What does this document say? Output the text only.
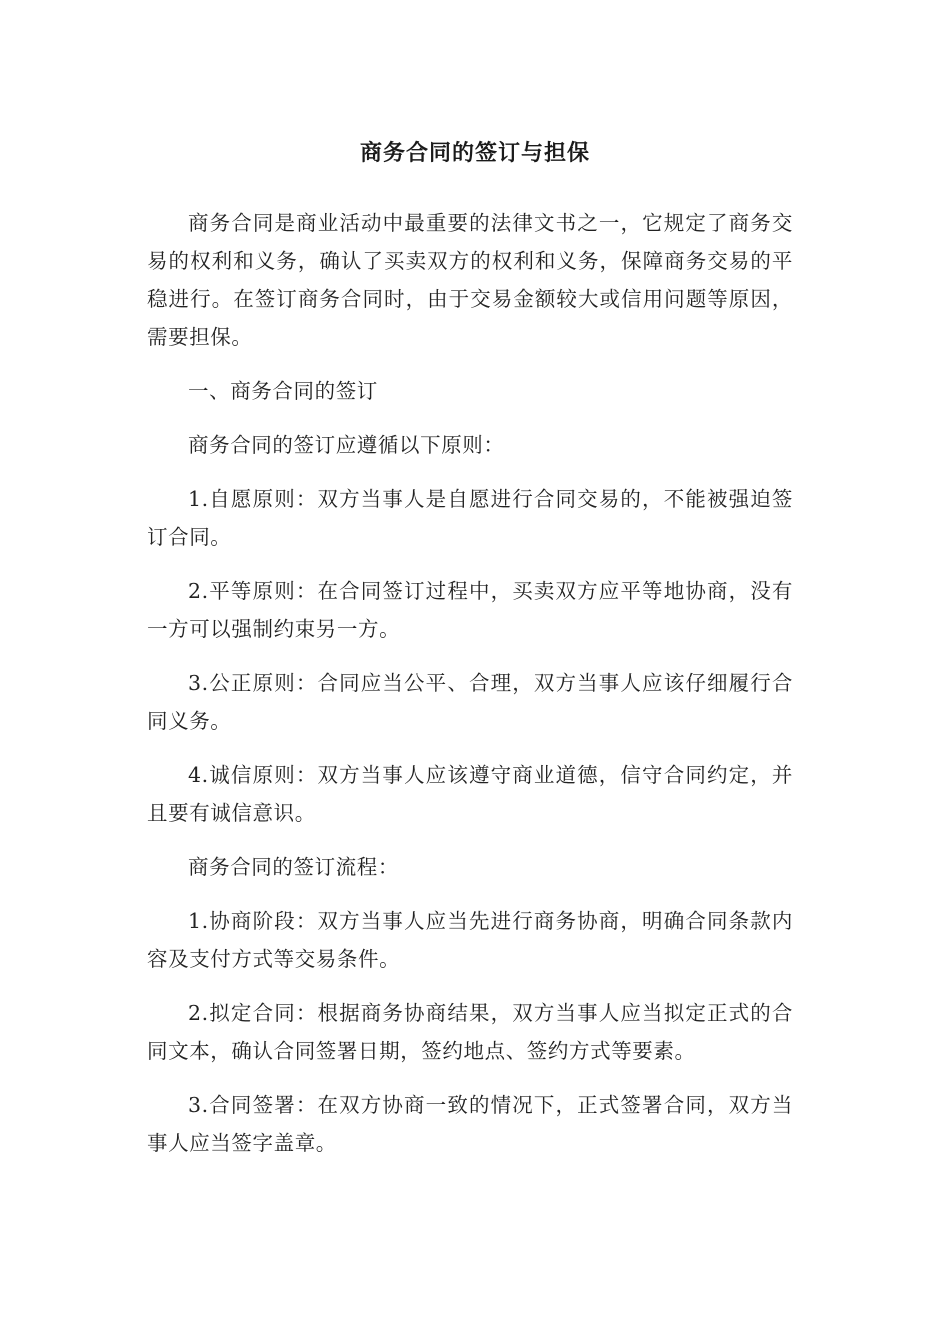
商务合同的签订与担保

商务合同是商业活动中最重要的法律文书之一，它规定了商务交易的权利和义务，确认了买卖双方的权利和义务，保障商务交易的平稳进行。在签订商务合同时，由于交易金额较大或信用问题等原因，需要担保。

一、商务合同的签订

商务合同的签订应遵循以下原则：

1.自愿原则：双方当事人是自愿进行合同交易的，不能被强迫签订合同。

2.平等原则：在合同签订过程中，买卖双方应平等地协商，没有一方可以强制约束另一方。

3.公正原则：合同应当公平、合理，双方当事人应该仔细履行合同义务。

4.诚信原则：双方当事人应该遵守商业道德，信守合同约定，并且要有诚信意识。

商务合同的签订流程：

1.协商阶段：双方当事人应当先进行商务协商，明确合同条款内容及支付方式等交易条件。

2.拟定合同：根据商务协商结果，双方当事人应当拟定正式的合同文本，确认合同签署日期，签约地点、签约方式等要素。

3.合同签署：在双方协商一致的情况下，正式签署合同，双方当事人应当签字盖章。
